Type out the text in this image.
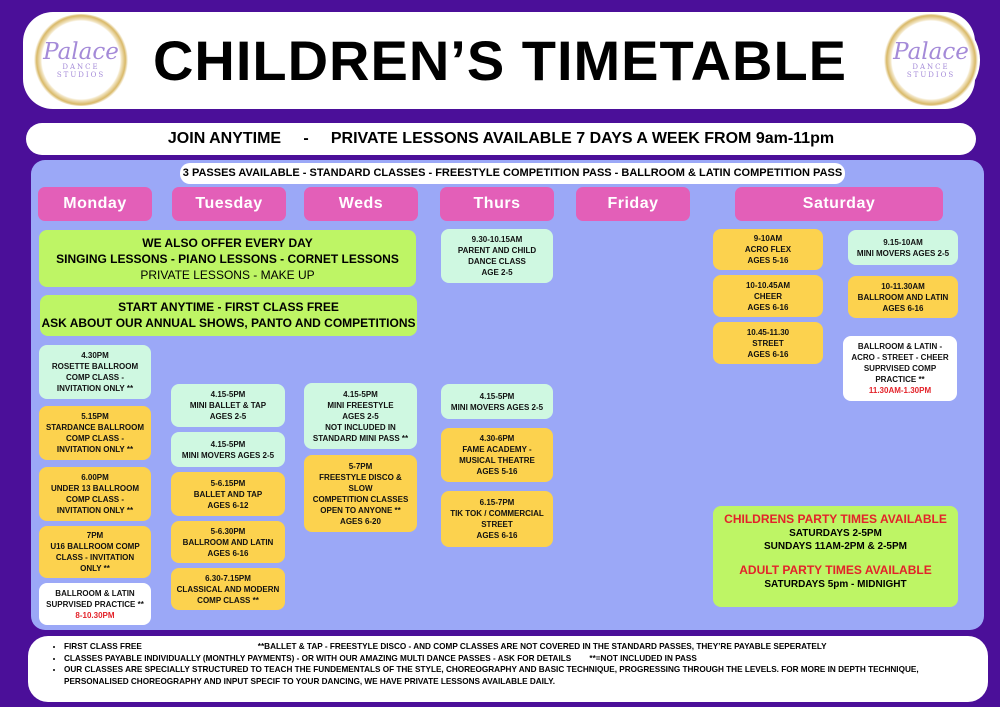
Palace
DANCE
STUDIOS
Palace
DANCE
STUDIOS
CHILDREN’S TIMETABLE
JOIN ANYTIME     -     PRIVATE LESSONS AVAILABLE 7 DAYS A WEEK FROM 9am-11pm
3 PASSES AVAILABLE - STANDARD CLASSES - FREESTYLE COMPETITION PASS - BALLROOM & LATIN COMPETITION PASS
Monday	Tuesday	Weds	Thurs	Friday	Saturday
WE ALSO OFFER EVERY DAY
SINGING LESSONS - PIANO LESSONS - CORNET LESSONS
PRIVATE LESSONS - MAKE UP
START ANYTIME - FIRST CLASS FREE
ASK ABOUT OUR ANNUAL SHOWS, PANTO AND COMPETITIONS
4.30PM
ROSETTE BALLROOM
COMP CLASS -
INVITATION ONLY **
5.15PM
STARDANCE BALLROOM
COMP CLASS -
INVITATION ONLY **
6.00PM
UNDER 13 BALLROOM
COMP CLASS -
INVITATION ONLY **
7PM
U16 BALLROOM COMP
CLASS - INVITATION
ONLY **
BALLROOM & LATIN
SUPRVISED PRACTICE **
8-10.30PM
4.15-5PM
MINI BALLET & TAP
AGES 2-5
4.15-5PM
MINI MOVERS AGES 2-5
5-6.15PM
BALLET AND TAP
AGES 6-12
5-6.30PM
BALLROOM AND LATIN
AGES 6-16
6.30-7.15PM
CLASSICAL AND MODERN
COMP CLASS **
4.15-5PM
MINI FREESTYLE
AGES 2-5
NOT INCLUDED IN
STANDARD MINI PASS **
5-7PM
FREESTYLE DISCO &
SLOW
COMPETITION CLASSES
OPEN TO ANYONE **
AGES 6-20
9.30-10.15AM
PARENT AND CHILD
DANCE CLASS
AGE 2-5
4.15-5PM
MINI MOVERS AGES 2-5
4.30-6PM
FAME ACADEMY -
MUSICAL THEATRE
AGES 5-16
6.15-7PM
TIK TOK / COMMERCIAL
STREET
AGES 6-16
9-10AM
ACRO FLEX
AGES 5-16
10-10.45AM
CHEER
AGES 6-16
10.45-11.30
STREET
AGES 6-16
9.15-10AM
MINI MOVERS AGES 2-5
10-11.30AM
BALLROOM AND LATIN
AGES 6-16
BALLROOM & LATIN -
ACRO - STREET - CHEER
SUPRVISED COMP
PRACTICE **
11.30AM-1.30PM
CHILDRENS PARTY TIMES AVAILABLE
SATURDAYS 2-5PM
SUNDAYS 11AM-2PM & 2-5PM
ADULT PARTY TIMES AVAILABLE
SATURDAYS 5pm - MIDNIGHT
• FIRST CLASS FREE                                                   **BALLET & TAP - FREESTYLE DISCO - AND COMP CLASSES ARE NOT COVERED IN THE STANDARD PASSES, THEY’RE PAYABLE SEPERATELY
• CLASSES PAYABLE INDIVIDUALLY (MONTHLY PAYMENTS) - OR WITH OUR AMAZING MULTI DANCE PASSES - ASK FOR DETAILS        **=NOT INCLUDED IN PASS
• OUR CLASSES ARE SPECIALLY STRUCTURED TO TEACH THE FUNDEMENTALS OF THE STYLE, CHOREOGRAPHY AND BASIC TECHNIQUE, PROGRESSING THROUGH THE LEVELS. FOR MORE IN DEPTH TECHNIQUE, PERSONALISED CHOREOGRAPHY AND INPUT SPECIF TO YOUR DANCING, WE HAVE PRIVATE LESSONS AVAILABLE DAILY.
